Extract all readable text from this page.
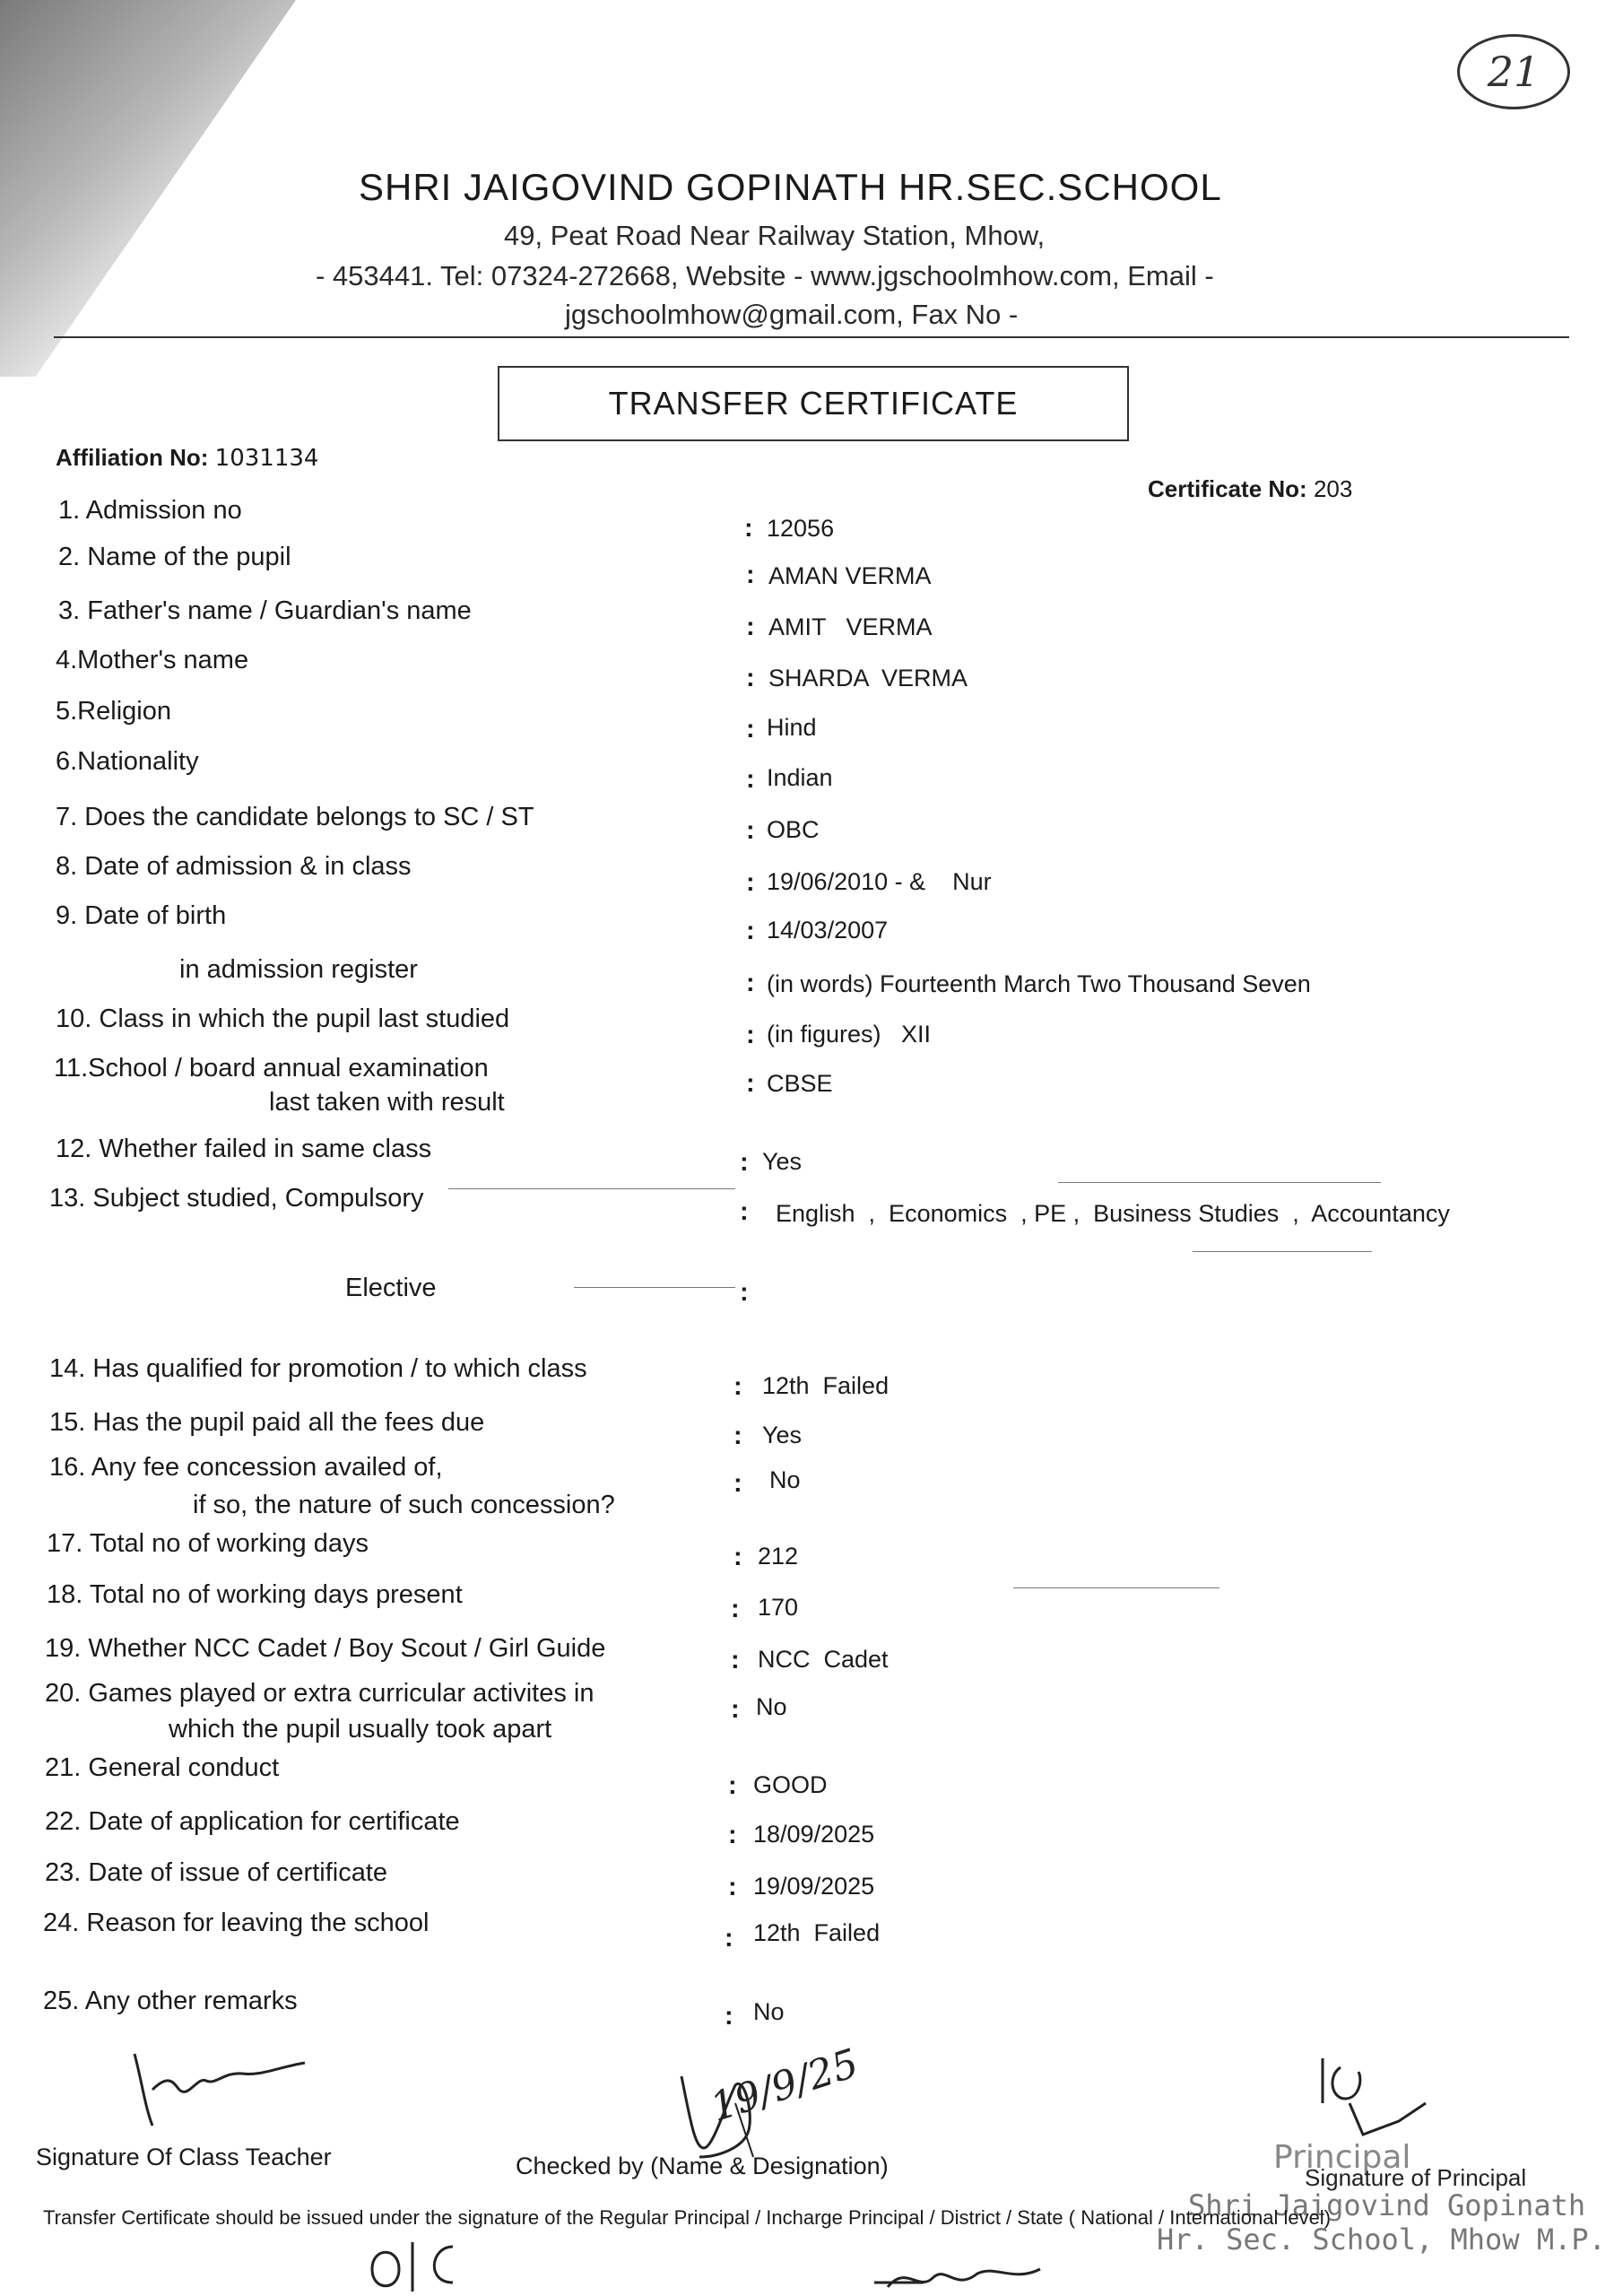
21
SHRI JAIGOVIND GOPINATH HR.SEC.SCHOOL
49, Peat Road Near Railway Station, Mhow,
- 453441. Tel: 07324-272668, Website - www.jgschoolmhow.com, Email -
jgschoolmhow@gmail.com, Fax No -
TRANSFER CERTIFICATE
Affiliation No: 1031134
Certificate No: 203
1. Admission no
: 12056
2. Name of the pupil
: AMAN VERMA
3. Father's name / Guardian's name
: AMIT   VERMA
4.Mother's name
: SHARDA  VERMA
5.Religion
: Hind
6.Nationality
: Indian
7. Does the candidate belongs to SC / ST	: OBC
8. Date of admission & in class
: 19/06/2010 - &    Nur
9. Date of birth
: 14/03/2007
in admission register	: (in words) Fourteenth March Two Thousand Seven
10. Class in which the pupil last studied
: (in figures)   XII
11.School / board annual examination
last taken with result
: CBSE
12. Whether failed in same class	: Yes
13. Subject studied, Compulsory	: English  ,  Economics  , PE ,  Business Studies  ,  Accountancy
Elective	:
14. Has qualified for promotion / to which class
: 12th  Failed
15. Has the pupil paid all the fees due	: Yes
16. Any fee concession availed of,
if so, the nature of such concession?
: No
17. Total no of working days	: 212
18. Total no of working days present	: 170
19. Whether NCC Cadet / Boy Scout / Girl Guide	: NCC  Cadet
20. Games played or extra curricular activites in
which the pupil usually took apart
: No
21. General conduct
: GOOD
22. Date of application for certificate	: 18/09/2025
23. Date of issue of certificate	: 19/09/2025
24. Reason for leaving the school
: 12th  Failed
25. Any other remarks
: No
19/9/25
Signature Of Class Teacher	Checked by (Name & Designation)	Principal
Signature of Principal
Shri Jaigovind Gopinath
Hr. Sec. School, Mhow M.P.
Transfer Certificate should be issued under the signature of the Regular Principal / Incharge Principal / District / State ( National / International level)
